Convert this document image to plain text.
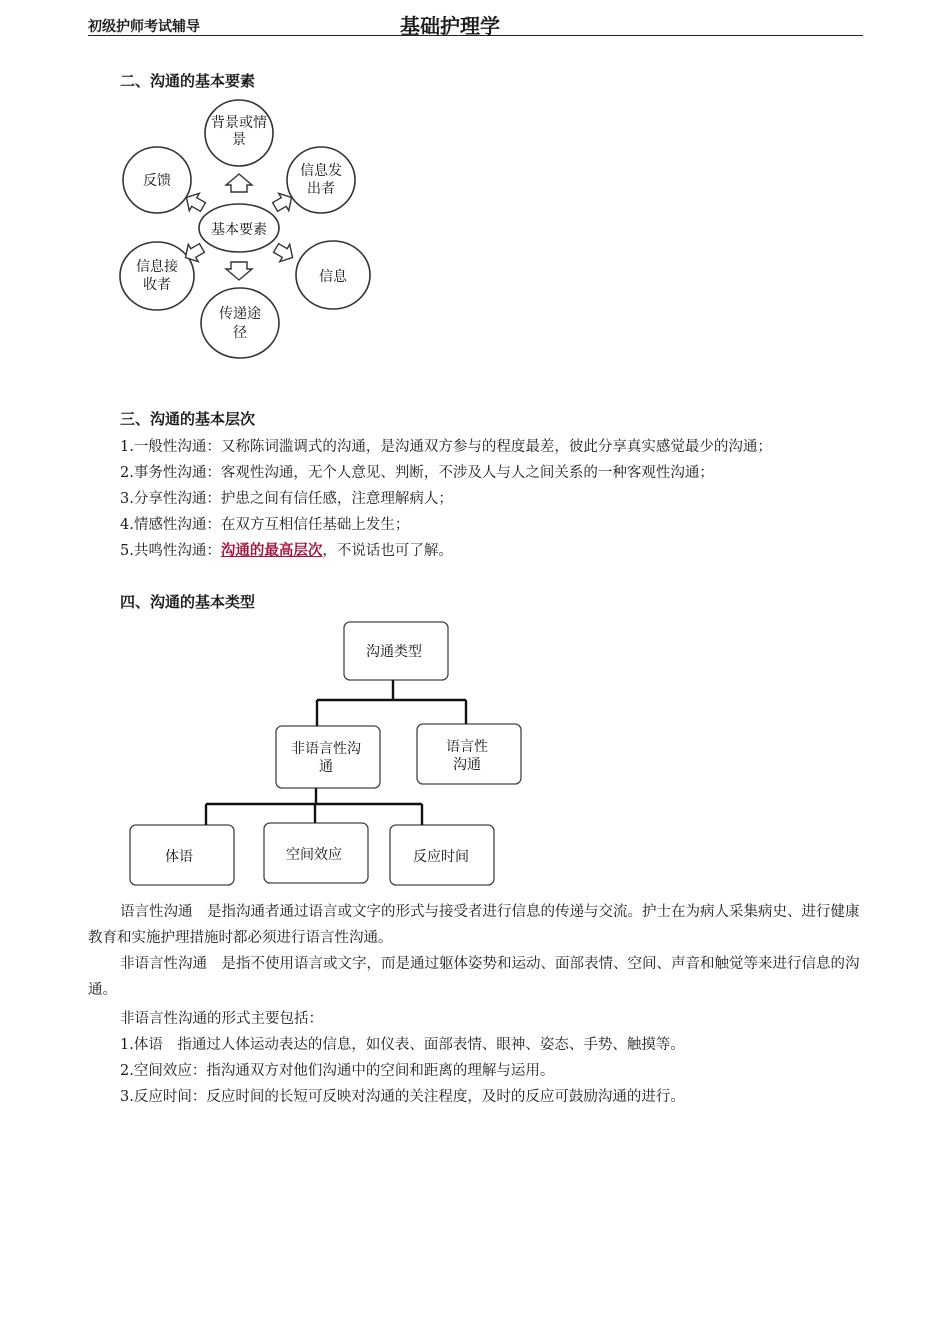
初级护师考试辅导	基础护理学
二、沟通的基本要素
基本要素
背景或情
景
信息发
出者
信息
传递途
径
信息接
收者
反馈
三、沟通的基本层次
1.一般性沟通：又称陈词滥调式的沟通，是沟通双方参与的程度最差，彼此分享真实感觉最少的沟通；
2.事务性沟通：客观性沟通，无个人意见、判断，不涉及人与人之间关系的一种客观性沟通；
3.分享性沟通：护患之间有信任感，注意理解病人；
4.情感性沟通：在双方互相信任基础上发生；
5.共鸣性沟通：沟通的最高层次，不说话也可了解。
四、沟通的基本类型
沟通类型
非语言性沟
通
语言性
沟通
体语	空间效应	反应时间
语言性沟通　是指沟通者通过语言或文字的形式与接受者进行信息的传递与交流。护士在为病人采集病史、进行健康教育和实施护理措施时都必须进行语言性沟通。
非语言性沟通　是指不使用语言或文字，而是通过躯体姿势和运动、面部表情、空间、声音和触觉等来进行信息的沟通。
非语言性沟通的形式主要包括：
1.体语　指通过人体运动表达的信息，如仪表、面部表情、眼神、姿态、手势、触摸等。
2.空间效应：指沟通双方对他们沟通中的空间和距离的理解与运用。
3.反应时间：反应时间的长短可反映对沟通的关注程度，及时的反应可鼓励沟通的进行。
